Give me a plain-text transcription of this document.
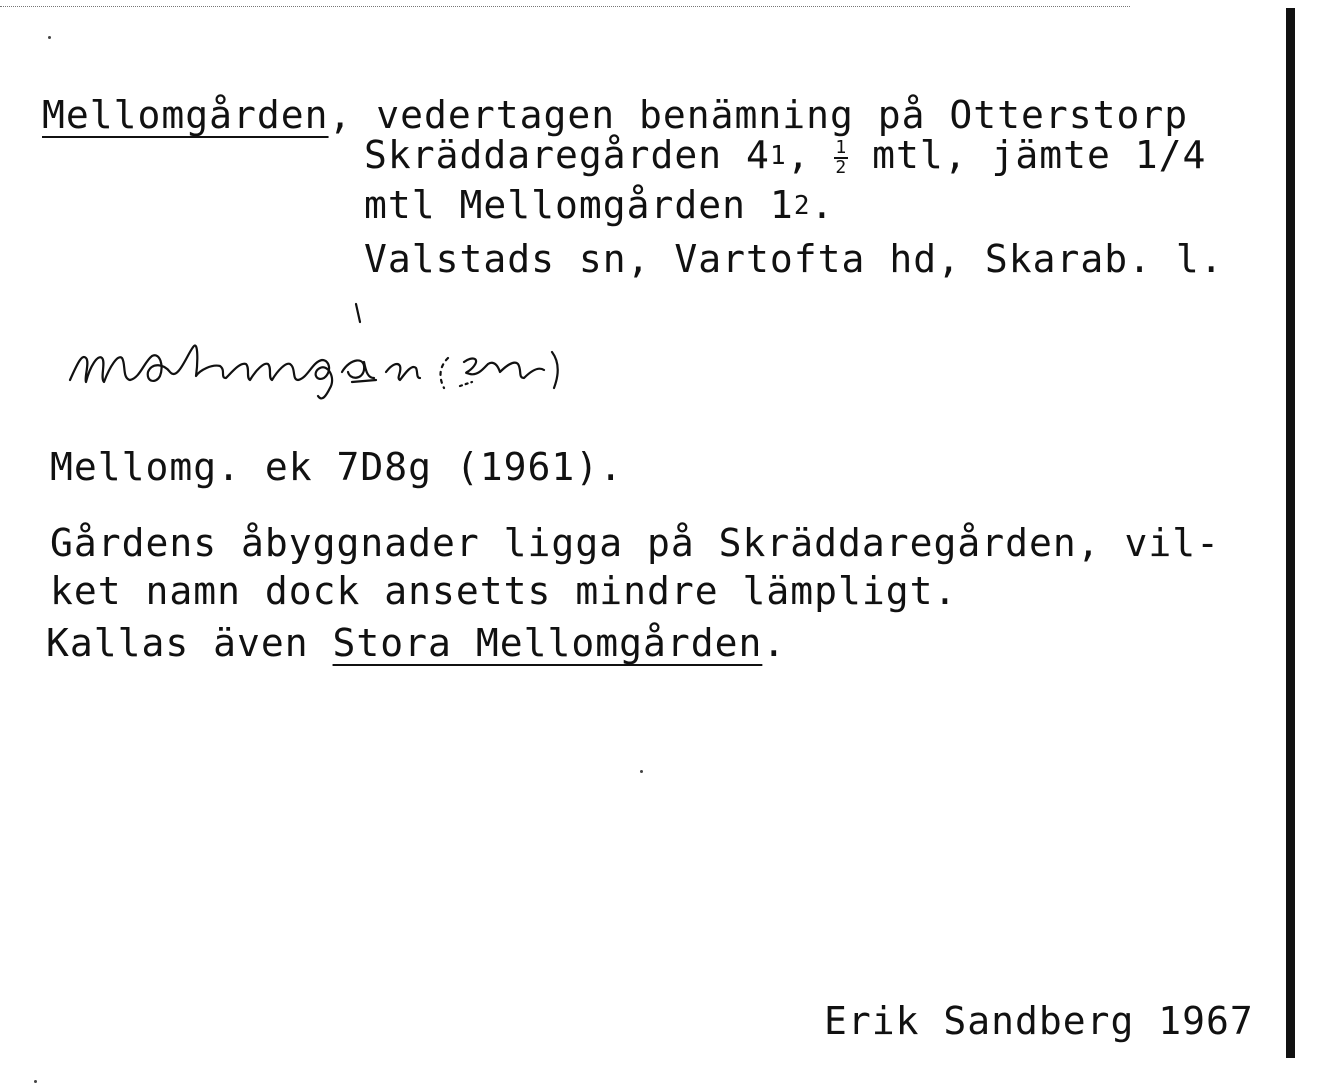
Mellomgården, vedertagen benämning på Otterstorp

Skräddaregården $4^1$, $\frac{1}{2}$ mtl, jämte 1/4

mtl Mellomgården $1^2$.

Valstads sn, Vartofta hd, Skarab. l.

Mellomg. ek 7D8g (1961).

Gårdens åbyggnader ligga på Skräddaregården, vil-

ket namn dock ansetts mindre lämpligt.

Kallas även Stora Mellomgården.

Erik Sandberg 1967
